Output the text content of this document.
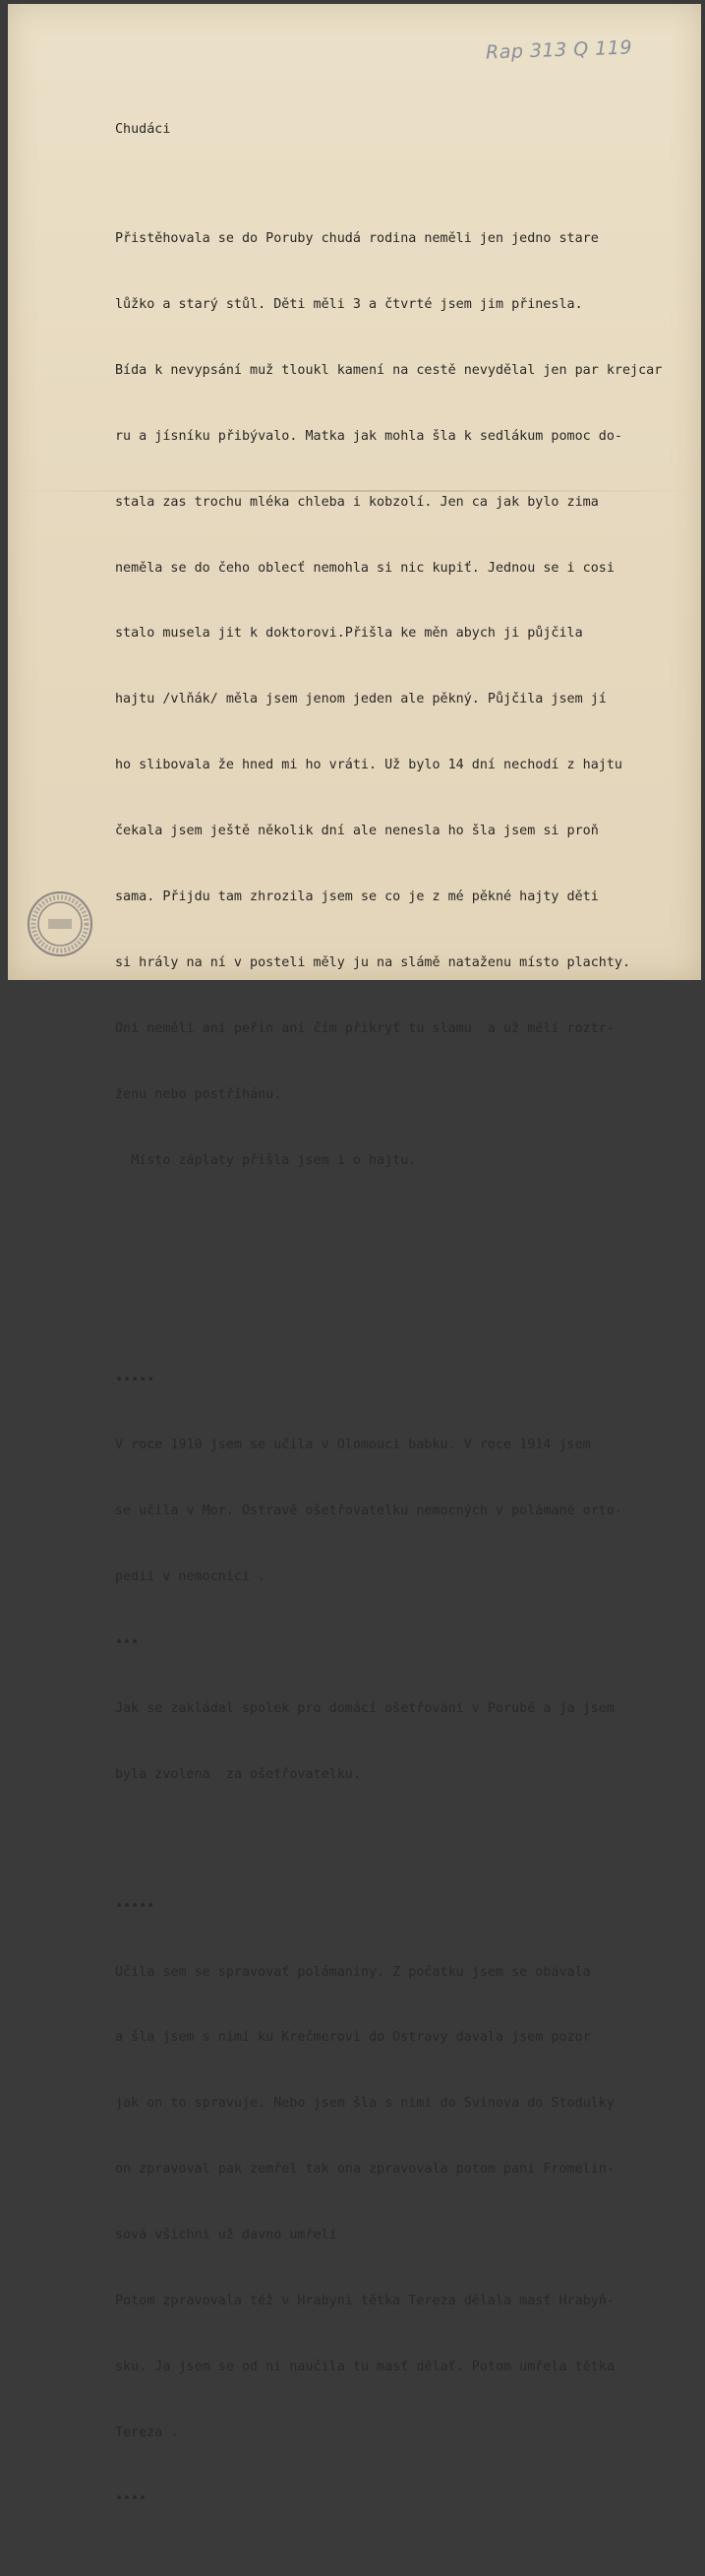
Rap 313 Q 119

Chudáci

Přistěhovala se do Poruby chudá rodina neměli jen jedno stare

lůžko a starý stůl. Děti měli 3 a čtvrté jsem jim přinesla.

Bída k nevypsání muž tloukl kamení na cestě nevydělal jen par krejcar

ru a jísníku přibývalo. Matka jak mohla šla k sedlákum pomoc do-

stala zas trochu mléka chleba i kobzolí. Jen ca jak bylo zima

neměla se do čeho obleсť nemohla si nic kupiť. Jednou se i cosi

stalo musela jit k doktorovi.Přišla ke měn abych ji půjčila

hajtu /vlňák/ měla jsem jenom jeden ale pěkný. Půjčila jsem jí

ho slibovala že hned mi ho vráti. Už bylo 14 dní nechodí z hajtu

čekala jsem ještě několik dní ale nenesla ho šla jsem si proň

sama. Přijdu tam zhrozila jsem se co je z mé pěkné hajty děti

si hrály na ní v posteli měly ju na slámě nataženu místo plachty.

Oni neměli ani peřin ani čím přikryť tu slamu  a už měli roztr-

ženu nebo postříhánu.

Místo záplaty přišla jsem i o hajtu.

•••••

V roce 1910 jsem se učila v Olomouci babku. V roce 1914 jsem

se učila v Mor. Ostravě ošetřovatelku nemocných v polámané orto-

pedii v nemocnici .

•••

Jak se zakládal spolek pro domácí ošetřování v Porubě a ja jsem

byla zvolena  za ošetřovatelku.

•••••

Učila sem se spravovať polámaniny. Z počatku jsem se obávala

a šla jsem s nimi ku Krečmerovi do Ostravy davala jsem pozor

jak on to spravuje. Nebo jsem šla s nimi do Svinova do Stodulky

on zpravoval pak zemřel tak ona zpravovala potom pani Fromelin-

sová všichni už davno umřeli

Potom zpravovala též v Hrabyni tětka Tereza dělala masť Hrabyň-

sku. Ja jsem se od ni naučila tu masť dělať. Potom umřela tětka

Tereza .

••••
